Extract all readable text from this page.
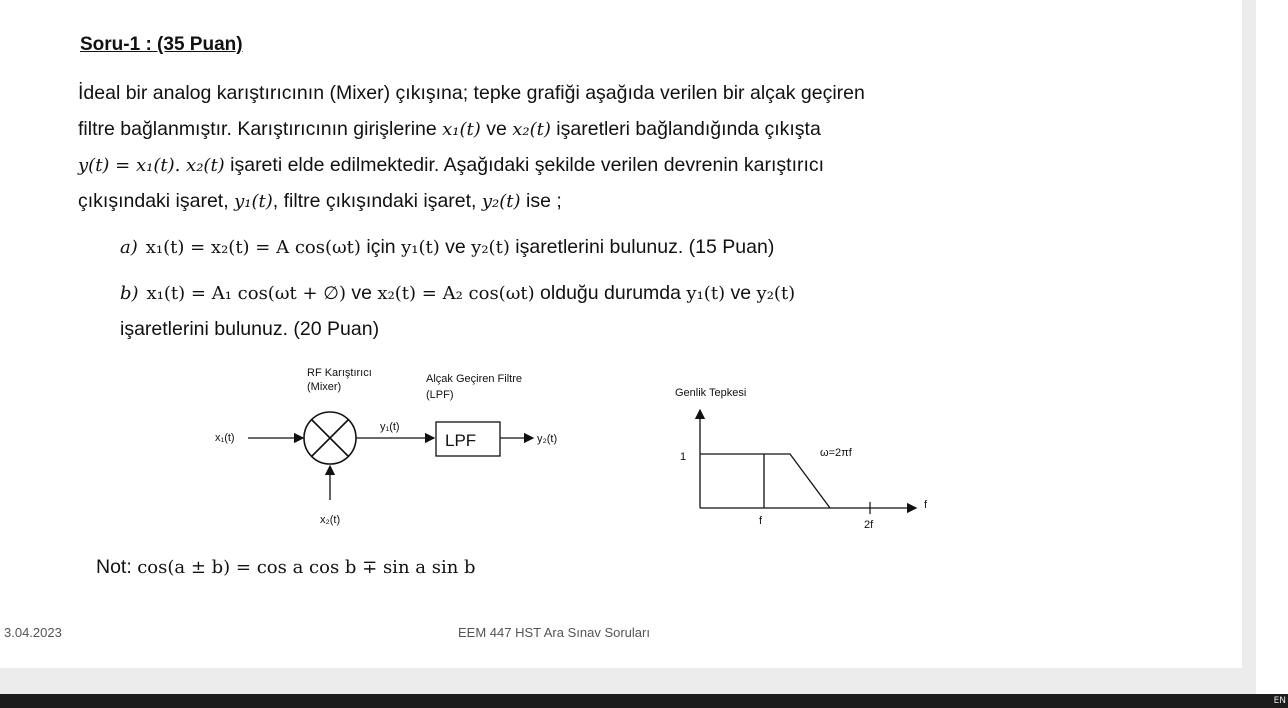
Soru-1 : (35 Puan)
İdeal bir analog karıştırıcının (Mixer) çıkışına; tepke grafiği aşağıda verilen bir alçak geçiren
filtre bağlanmıştır. Karıştırıcının girişlerine x₁(t) ve x₂(t) işaretleri bağlandığında çıkışta
y(t) = x₁(t). x₂(t) işareti elde edilmektedir. Aşağıdaki şekilde verilen devrenin karıştırıcı
çıkışındaki işaret, y₁(t), filtre çıkışındaki işaret, y₂(t) ise ;
a) x₁(t) = x₂(t) = A cos(ωt) için y₁(t) ve y₂(t) işaretlerini bulunuz. (15 Puan)
b) x₁(t) = A₁ cos(ωt + ∅) ve x₂(t) = A₂ cos(ωt) olduğu durumda y₁(t) ve y₂(t)
işaretlerini bulunuz. (20 Puan)
RF Karıştırıcı
(Mixer)
Alçak Geçiren Filtre
(LPF)
x₁(t)
x₂(t)
y₁(t)
LPF	y₂(t)
Genlik Tepkesi
1	ω=2πf
f	2f
f
Not: cos(a ± b) = cos a cos b ∓ sin a sin b
3.04.2023	EEM 447 HST Ara Sınav Soruları
EN
